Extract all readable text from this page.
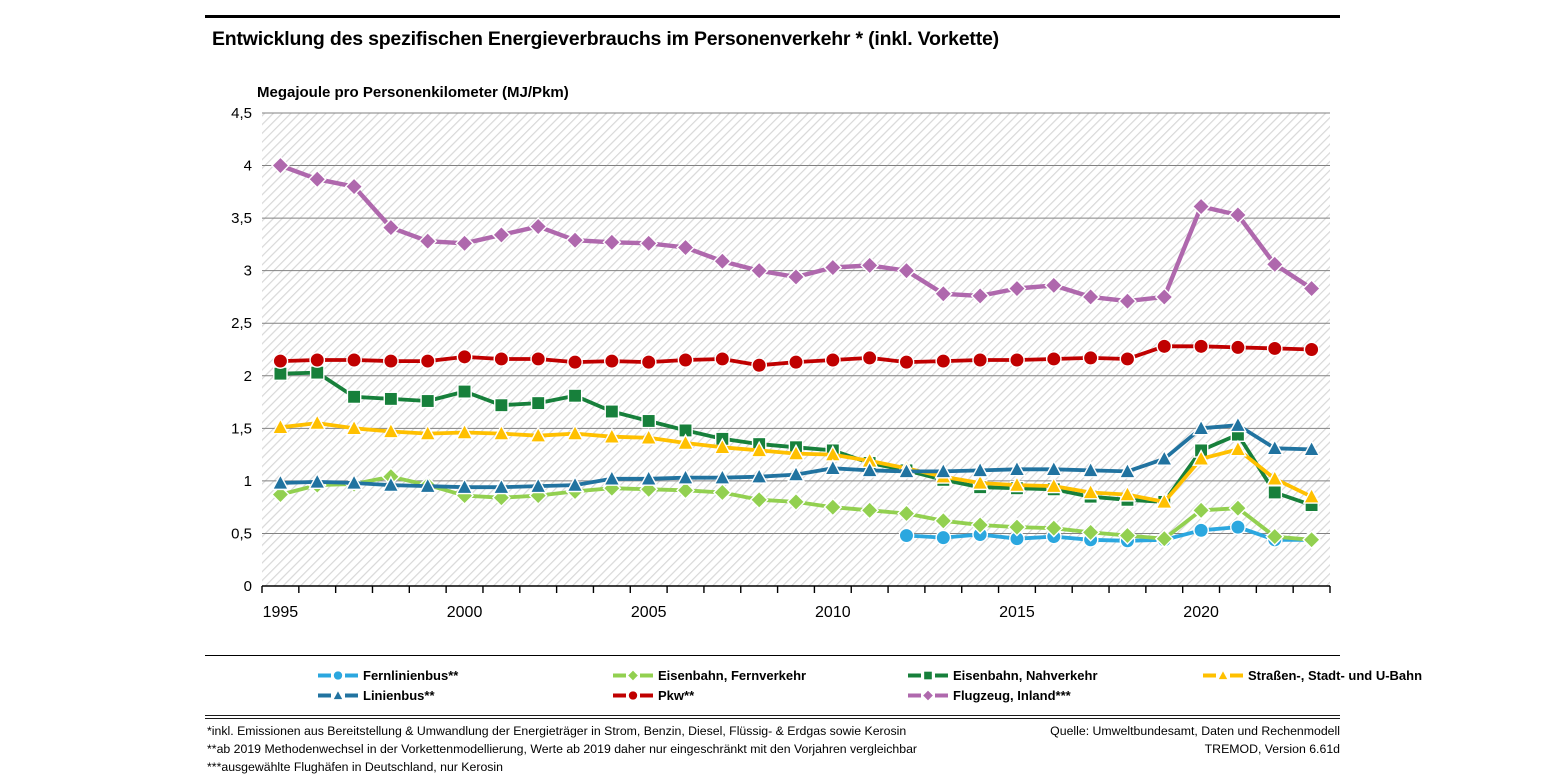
Entwicklung des spezifischen Energieverbrauchs im Personenverkehr * (inkl. Vorkette)
Megajoule pro Personenkilometer (MJ/Pkm)
0
0,5
1
1,5
2
2,5
3
3,5
4
4,5
1995	2000	2005	2010	2015	2020
Fernlinienbus**	Eisenbahn, Fernverkehr	Eisenbahn, Nahverkehr	Straßen-, Stadt- und U-Bahn
Linienbus**	Pkw**	Flugzeug, Inland***
*inkl. Emissionen aus Bereitstellung & Umwandlung der Energieträger in Strom, Benzin, Diesel, Flüssig- & Erdgas sowie Kerosin
**ab 2019 Methodenwechsel in der Vorkettenmodellierung, Werte ab 2019 daher nur eingeschränkt mit den Vorjahren vergleichbar
***ausgewählte Flughäfen in Deutschland, nur Kerosin
Quelle: Umweltbundesamt, Daten und Rechenmodell
TREMOD, Version 6.61d
